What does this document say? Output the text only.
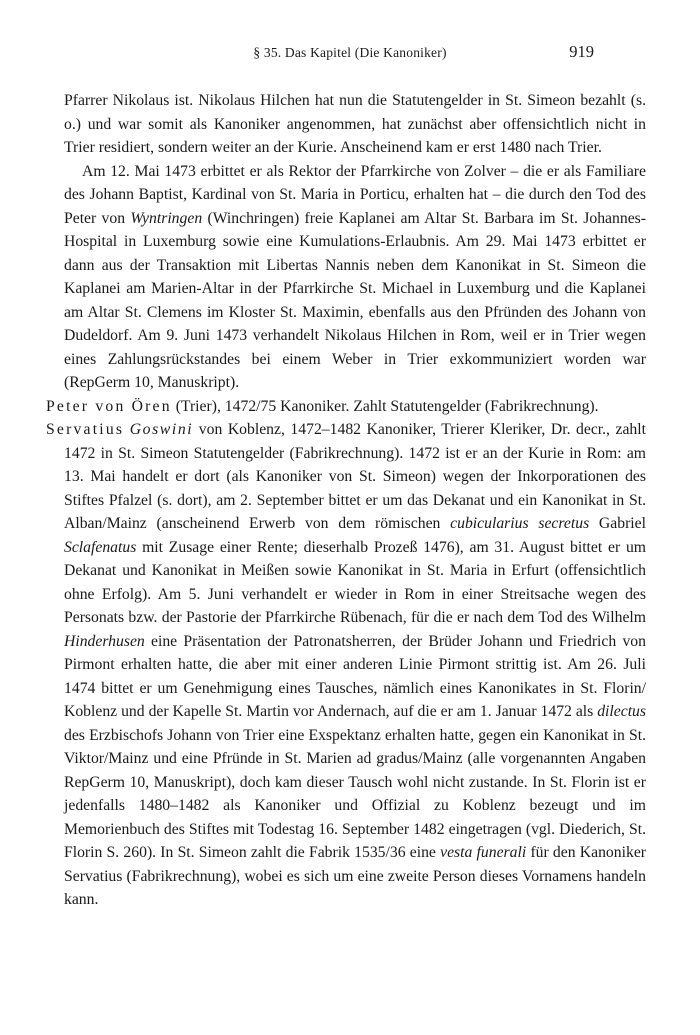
§ 35. Das Kapitel (Die Kanoniker)	919

Pfarrer Nikolaus ist. Nikolaus Hilchen hat nun die Statutengelder in St. Simeon bezahlt (s. o.) und war somit als Kanoniker angenommen, hat zunächst aber offensichtlich nicht in Trier residiert, sondern weiter an der Kurie. Anscheinend kam er erst 1480 nach Trier.

Am 12. Mai 1473 erbittet er als Rektor der Pfarrkirche von Zolver – die er als Familiare des Johann Baptist, Kardinal von St. Maria in Porticu, erhalten hat – die durch den Tod des Peter von Wyntringen (Winchringen) freie Kaplanei am Altar St. Barbara im St. Johannes-Hospital in Luxemburg sowie eine Kumulations-Erlaubnis. Am 29. Mai 1473 erbittet er dann aus der Transaktion mit Libertas Nannis neben dem Kanonikat in St. Simeon die Kaplanei am Marien-Altar in der Pfarrkirche St. Michael in Luxemburg und die Kaplanei am Altar St. Clemens im Kloster St. Maximin, ebenfalls aus den Pfründen des Johann von Dudeldorf. Am 9. Juni 1473 verhandelt Nikolaus Hilchen in Rom, weil er in Trier wegen eines Zahlungsrückstandes bei einem Weber in Trier exkommuniziert worden war (RepGerm 10, Manuskript).

Peter von Ören (Trier), 1472/75 Kanoniker. Zahlt Statutengelder (Fabrikrechnung).

Servatius Goswini von Koblenz, 1472–1482 Kanoniker, Trierer Kleriker, Dr. decr., zahlt 1472 in St. Simeon Statutengelder (Fabrikrechnung). 1472 ist er an der Kurie in Rom: am 13. Mai handelt er dort (als Kanoniker von St. Simeon) wegen der Inkorporationen des Stiftes Pfalzel (s. dort), am 2. September bittet er um das Dekanat und ein Kanonikat in St. Alban/Mainz (anscheinend Erwerb von dem römischen cubicularius secretus Gabriel Sclafenatus mit Zusage einer Rente; dieserhalb Prozeß 1476), am 31. August bittet er um Dekanat und Kanonikat in Meißen sowie Kanonikat in St. Maria in Erfurt (offensichtlich ohne Erfolg). Am 5. Juni verhandelt er wieder in Rom in einer Streitsache wegen des Personats bzw. der Pastorie der Pfarrkirche Rübenach, für die er nach dem Tod des Wilhelm Hinderhusen eine Präsentation der Patronatsherren, der Brüder Johann und Friedrich von Pirmont erhalten hatte, die aber mit einer anderen Linie Pirmont strittig ist. Am 26. Juli 1474 bittet er um Genehmigung eines Tausches, nämlich eines Kanonikates in St. Florin/ Koblenz und der Kapelle St. Martin vor Andernach, auf die er am 1. Januar 1472 als dilectus des Erzbischofs Johann von Trier eine Exspektanz erhalten hatte, gegen ein Kanonikat in St. Viktor/Mainz und eine Pfründe in St. Marien ad gradus/Mainz (alle vorgenannten Angaben RepGerm 10, Manuskript), doch kam dieser Tausch wohl nicht zustande. In St. Florin ist er jedenfalls 1480–1482 als Kanoniker und Offizial zu Koblenz bezeugt und im Memorienbuch des Stiftes mit Todestag 16. September 1482 eingetragen (vgl. Diederich, St. Florin S. 260). In St. Simeon zahlt die Fabrik 1535/36 eine vesta funerali für den Kanoniker Servatius (Fabrikrechnung), wobei es sich um eine zweite Person dieses Vornamens handeln kann.
